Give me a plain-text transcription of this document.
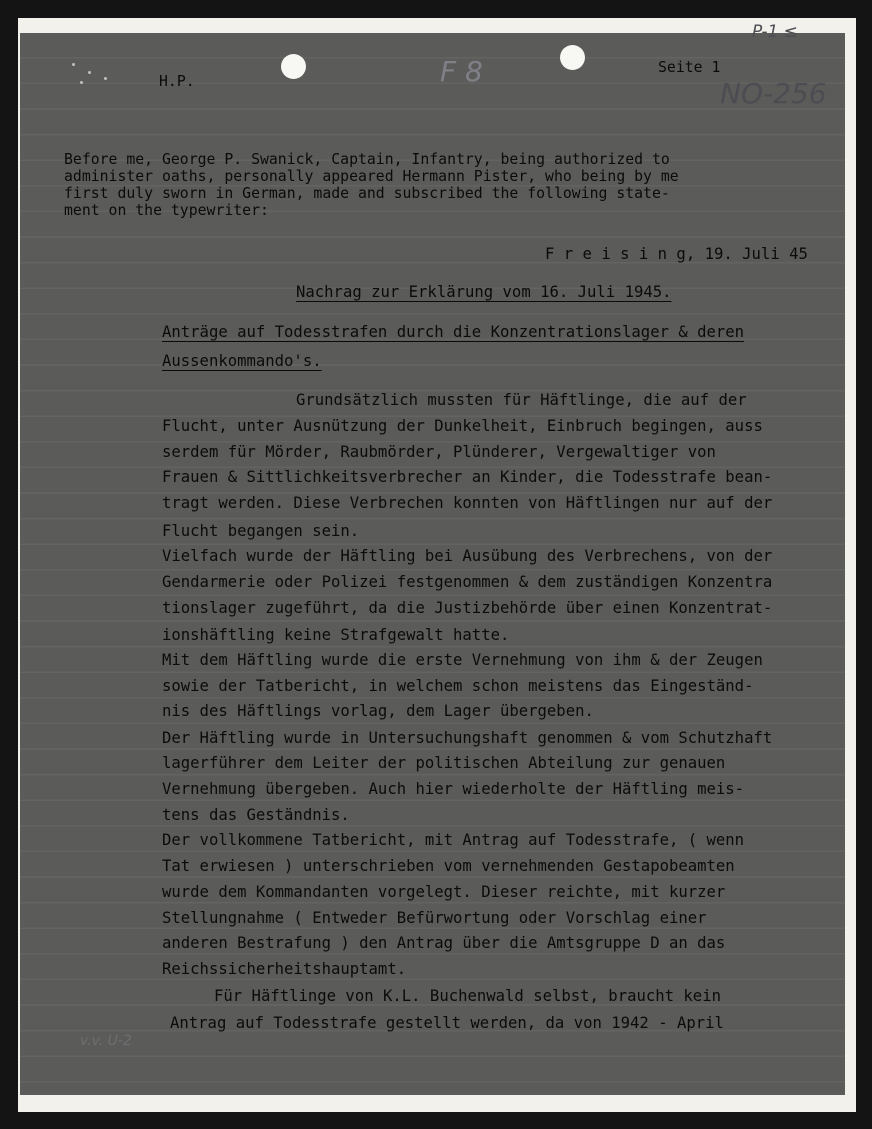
H.P.
Seite 1
F 8
P-1 ≤
NO-256
v.v. U-2
Before me, George P. Swanick, Captain, Infantry, being authorized to
administer oaths, personally appeared Hermann Pister, who being by me
first duly sworn in German, made and subscribed the following state-
ment on the typewriter:
F r e i s i n g, 19. Juli 45
Nachrag zur Erklärung vom 16. Juli 1945.
Anträge auf Todesstrafen durch die Konzentrationslager & deren
Aussenkommando's.
Grundsätzlich mussten für Häftlinge, die auf der
Flucht, unter Ausnützung der Dunkelheit, Einbruch begingen, auss
serdem für Mörder, Raubmörder, Plünderer, Vergewaltiger von
Frauen & Sittlichkeitsverbrecher an Kinder, die Todesstrafe bean-
tragt werden. Diese Verbrechen konnten von Häftlingen nur auf der
Flucht begangen sein.
Vielfach wurde der Häftling bei Ausübung des Verbrechens, von der
Gendarmerie oder Polizei festgenommen & dem zuständigen Konzentra
tionslager zugeführt, da die Justizbehörde über einen Konzentrat-
ionshäftling keine Strafgewalt hatte.
Mit dem Häftling wurde die erste Vernehmung von ihm & der Zeugen
sowie der Tatbericht, in welchem schon meistens das Eingeständ-
nis des Häftlings vorlag, dem Lager übergeben.
Der Häftling wurde in Untersuchungshaft genommen & vom Schutzhaft
lagerführer dem Leiter der politischen Abteilung zur genauen
Vernehmung übergeben. Auch hier wiederholte der Häftling meis-
tens das Geständnis.
Der vollkommene Tatbericht, mit Antrag auf Todesstrafe, ( wenn
Tat erwiesen ) unterschrieben vom vernehmenden Gestapobeamten
wurde dem Kommandanten vorgelegt. Dieser reichte, mit kurzer
Stellungnahme ( Entweder Befürwortung oder Vorschlag einer
anderen Bestrafung ) den Antrag über die Amtsgruppe D an das
Reichssicherheitshauptamt.
Für Häftlinge von K.L. Buchenwald selbst, braucht kein
Antrag auf Todesstrafe gestellt werden, da von 1942 - April
